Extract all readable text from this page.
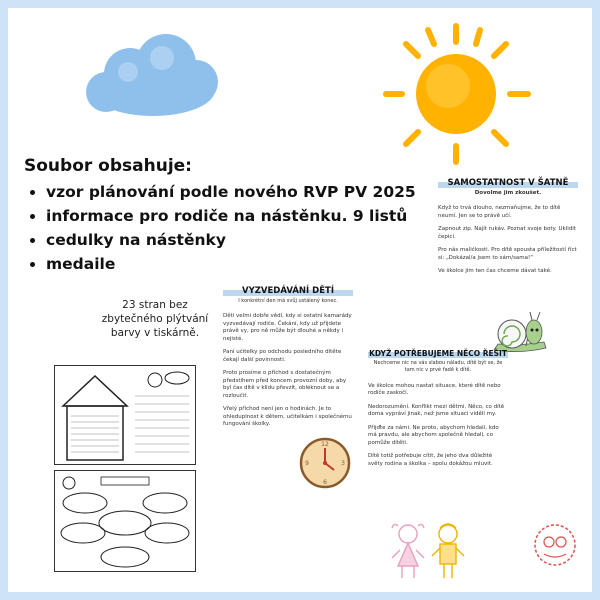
Soubor obsahuje:
• vzor plánování podle nového RVP PV 2025
• informace pro rodiče na nástěnku. 9 listů
• cedulky na nástěnky
• medaile
23 stran bez zbytečného plýtvání barvy v tiskárně.
SAMOSTATNOST V ŠATNĚ
Dovolme jim zkoušet.

Když to trvá dlouho, nezmaňujme, že to dítě neumí. Jen se to právě učí.

Zapnout zip. Najít rukáv. Poznat svoje boty. Uklidit čepici.

Pro nás maličkosti. Pro dítě spousta příležitostí říct si: „Dokázal/a jsem to sám/sama!“

Ve školce jim ten čas chceme dávat také.

VYZVEDÁVÁNÍ DĚTÍ
I konkrétní den má svůj ustálený konec.

Děti velmi dobře vědí, kdy si ostatní kamarády vyzvedávají rodiče. Čekání, kdy už přijdete právě vy, pro ně může být dlouhé a někdy i nejisté.

Paní učitelky po odchodu posledního dítěte čekají další povinnosti.

Proto prosíme o příchod s dostatečným předstihem před koncem provozní doby, aby byl čas dítě v klidu převzít, obléknout se a rozloučit.

Vřelý příchod není jen o hodinách. Je to ohleduplnost k dětem, učitelkám i společnému fungování školky.

12
3
6
9
KDYŽ POTŘEBUJEME NĚCO ŘEŠIT
Nechceme nic na vás slabou náladu, dítě být se, že tam nic v prvé řadě k dítě.

Ve školce mohou nastat situace, které dítě nebo rodiče zaskočí.

Nedorozumění. Konflikt mezi dětmi. Něco, co dítě doma vypráví jinak, než jsme situaci viděli my.

Přijďte za námi. Ne proto, abychom hledali, kdo má pravdu, ale abychom společně hledali, co pomůže dítěti.

Dítě totiž potřebuje cítit, že jeho dva důležité světy rodina a školka – spolu dokážou mluvit.
